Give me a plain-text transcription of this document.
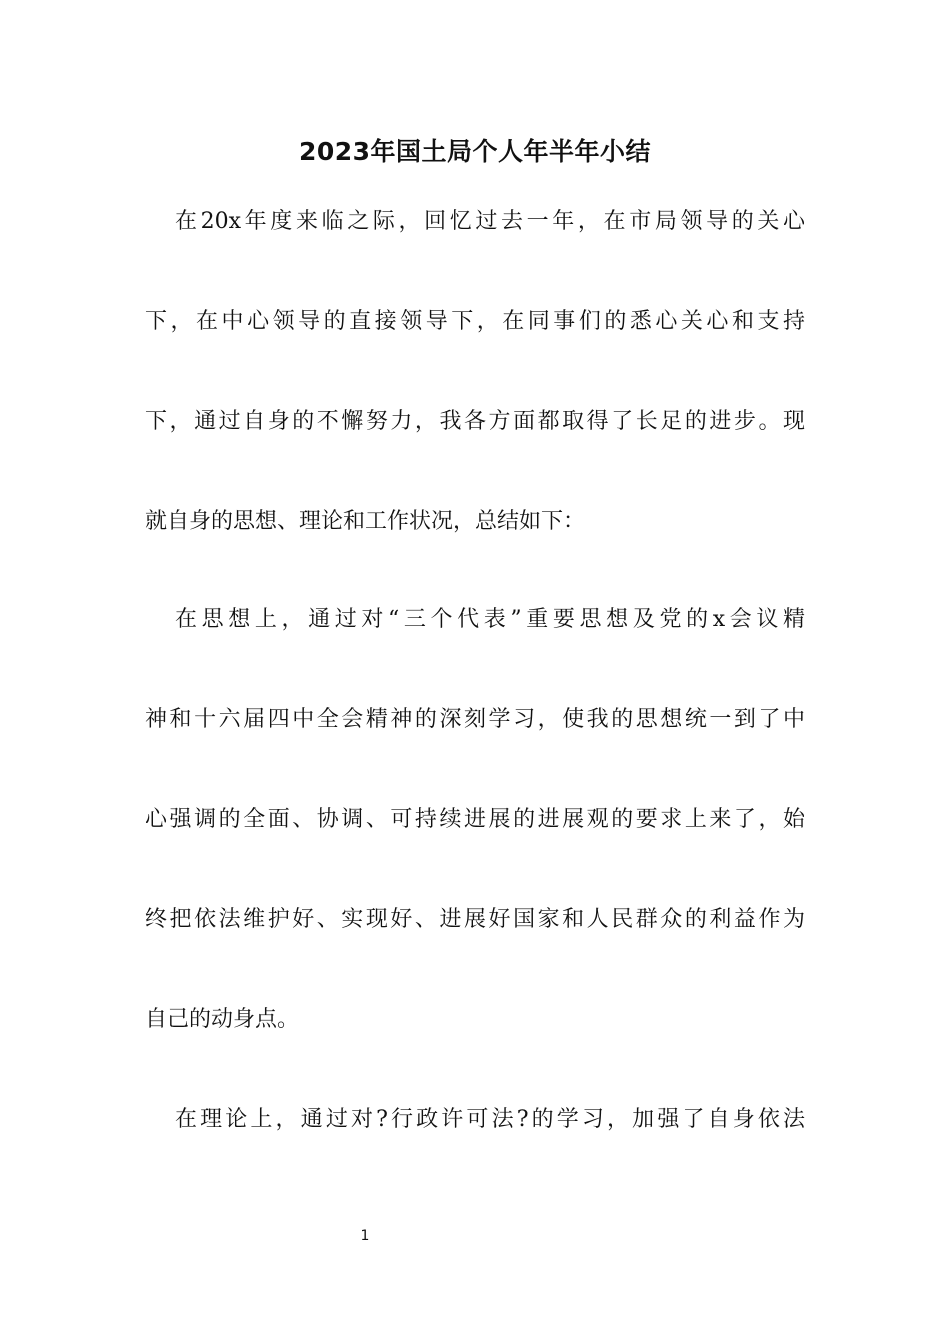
2023年国土局个人年半年小结
在20x年度来临之际，回忆过去一年，在市局领导的关心
下，在中心领导的直接领导下，在同事们的悉心关心和支持
下，通过自身的不懈努力，我各方面都取得了长足的进步。现
就自身的思想、理论和工作状况，总结如下：
在思想上，通过对“三个代表”重要思想及党的x会议精
神和十六届四中全会精神的深刻学习，使我的思想统一到了中
心强调的全面、协调、可持续进展的进展观的要求上来了，始
终把依法维护好、实现好、进展好国家和人民群众的利益作为
自己的动身点。
在理论上，通过对?行政许可法?的学习，加强了自身依法
1
